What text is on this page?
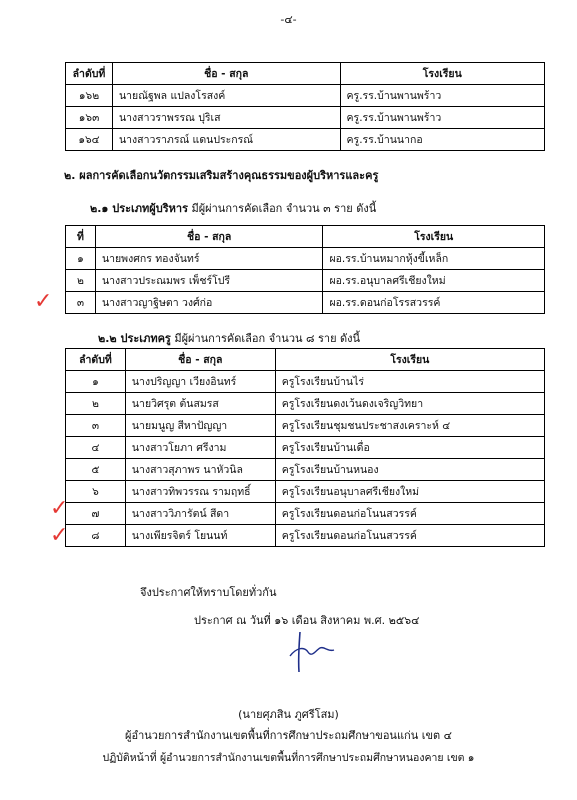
-๔-
ลำดับที่	ชื่อ - สกุล	โรงเรียน
๑๖๒	นายณัฐพล แปลงโรสงค์	ครู.รร.บ้านพานพร้าว
๑๖๓	นางสาวราพรรณ ปุริเส	ครู.รร.บ้านพานพร้าว
๑๖๔	นางสาวราภรณ์ แดนประกรณ์	ครู.รร.บ้านนากอ
๒. ผลการคัดเลือกนวัตกรรมเสริมสร้างคุณธรรมของผู้บริหารและครู
๒.๑ ประเภทผู้บริหาร มีผู้ผ่านการคัดเลือก จำนวน ๓ ราย ดังนี้
ที่	ชื่อ - สกุล	โรงเรียน
๑	นายพงศกร ทองจันทร์	ผอ.รร.บ้านหมากหุ้งขี้เหล็ก
๒	นางสาวประณมพร เพ็ชร์โปรี	ผอ.รร.อนุบาลศรีเชียงใหม่
๓	นางสาวญาฐิษตา วงศ์ก่อ	ผอ.รร.ดอนก่อโรรสวรรค์
✓
๒.๒ ประเภทครู มีผู้ผ่านการคัดเลือก จำนวน ๘ ราย ดังนี้
ลำดับที่	ชื่อ - สกุล	โรงเรียน
๑	นางปริญญา เวียงอินทร์	ครูโรงเรียนบ้านไร่
๒	นายวิศรุต ต้นสมรส	ครูโรงเรียนดงเว้นดงเจริญวิทยา
๓	นายมนูญ สีหาปัญญา	ครูโรงเรียนชุมชนประชาสงเคราะห์ ๔
๔	นางสาวโยภา ศรีงาม	ครูโรงเรียนบ้านเดื่อ
๕	นางสาวสุภาพร นาหัวนิล	ครูโรงเรียนบ้านหนอง
๖	นางสาวทิพวรรณ รามฤทธิ์	ครูโรงเรียนอนุบาลศรีเชียงใหม่
๗	นางสาววิภารัตน์ สีดา	ครูโรงเรียนดอนก่อโนนสวรรค์
๘	นางเพียรจิตร์ โยนนท์	ครูโรงเรียนดอนก่อโนนสวรรค์
✓
✓
จึงประกาศให้ทราบโดยทั่วกัน
ประกาศ ณ วันที่ ๑๖ เดือน สิงหาคม พ.ศ. ๒๕๖๔
(นายศุภสิน ภูศรีโสม)
ผู้อำนวยการสำนักงานเขตพื้นที่การศึกษาประถมศึกษาขอนแก่น เขต ๔
ปฏิบัติหน้าที่ ผู้อำนวยการสำนักงานเขตพื้นที่การศึกษาประถมศึกษาหนองคาย เขต ๑
